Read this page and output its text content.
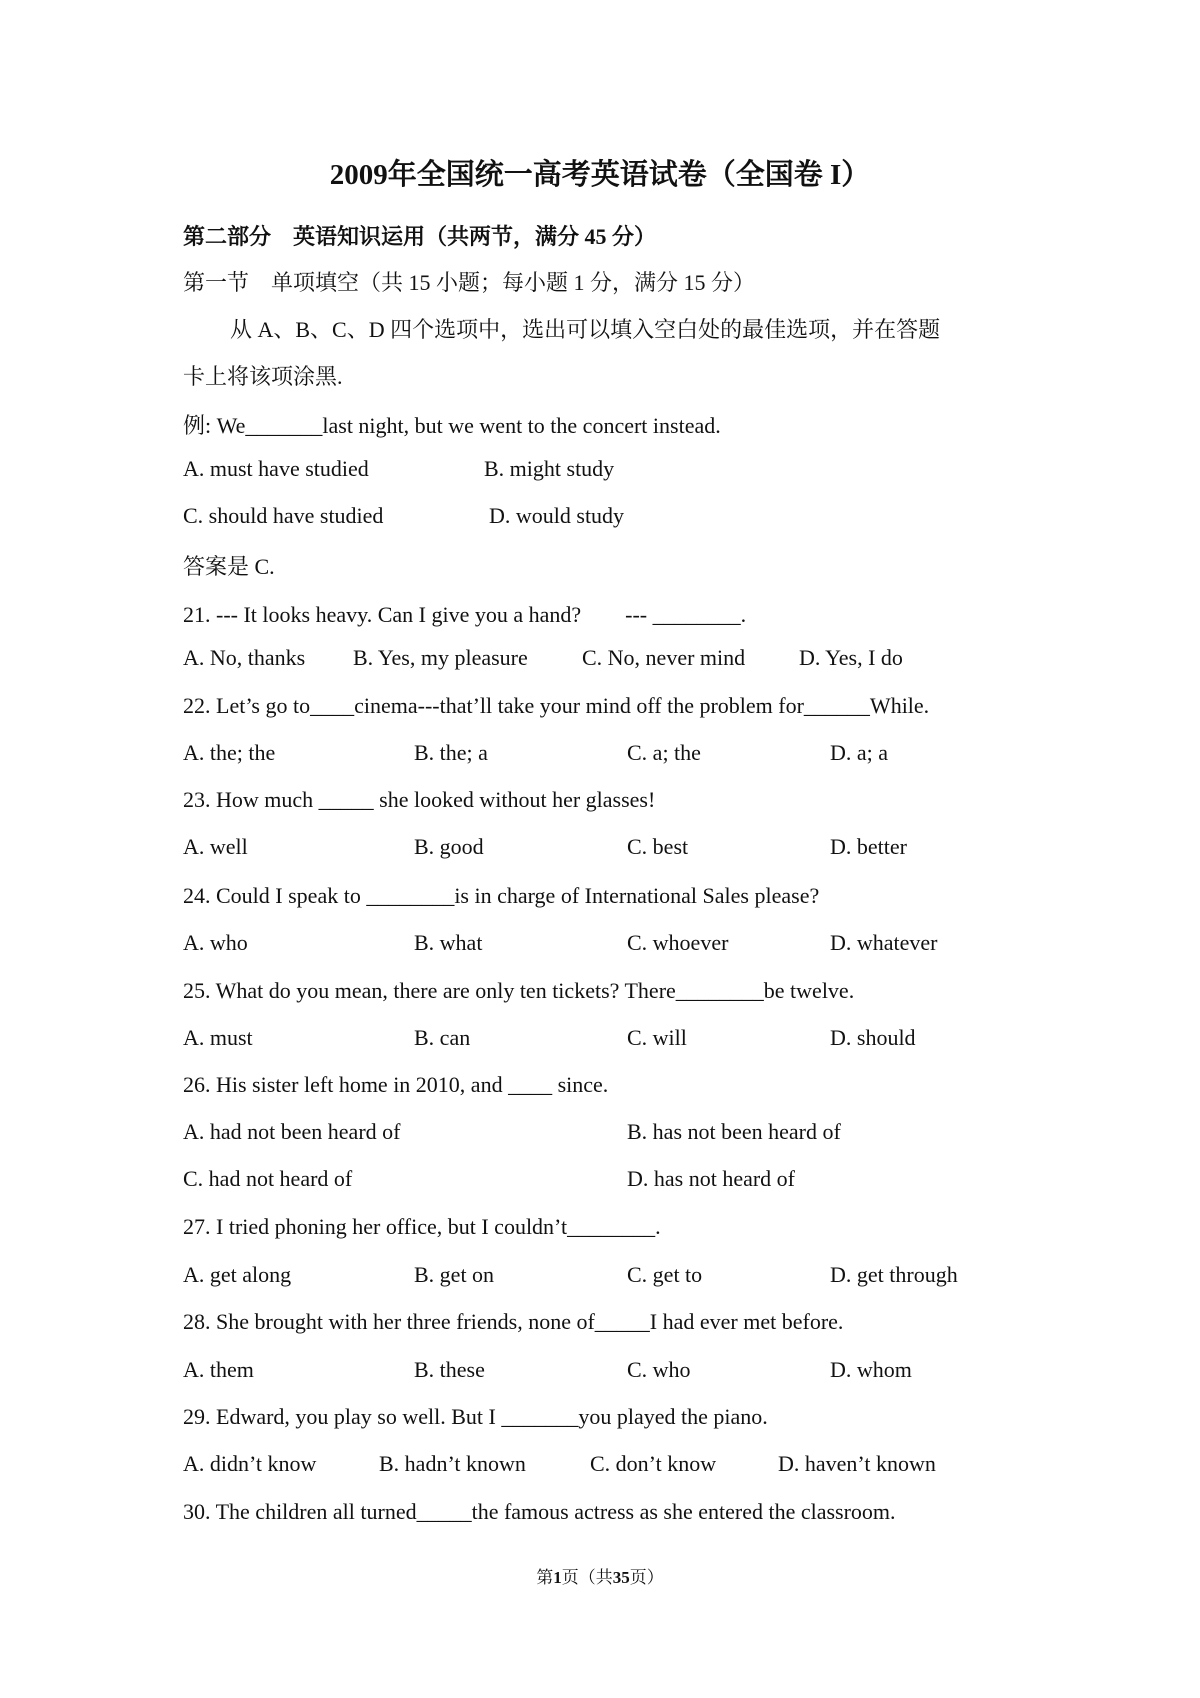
2009年全国统一高考英语试卷（全国卷 I）
第二部分　英语知识运用（共两节，满分 45 分）
第一节　单项填空（共 15 小题；每小题 1 分，满分 15 分）
从 A、B、C、D 四个选项中，选出可以填入空白处的最佳选项，并在答题
卡上将该项涂黑.
例: We_______last night, but we went to the concert instead.
A. must have studied	B. might study
C. should have studied	D. would study
答案是 C.
21. --- It looks heavy. Can I give you a hand?　　--- ________.
A. No, thanks B. Yes, my pleasure C. No, never mind D. Yes, I do
22. Let’s go to____cinema---that’ll take your mind off the problem for______While.
A. the; the	B. the; a	C. a; the	D. a; a
23. How much _____ she looked without her glasses!
A. well	B. good	C. best	D. better
24. Could I speak to ________is in charge of International Sales please?
A. who	B. what	C. whoever	D. whatever
25. What do you mean, there are only ten tickets? There________be twelve.
A. must	B. can	C. will	D. should
26. His sister left home in 2010, and ____ since.
A. had not been heard of	B. has not been heard of
C. had not heard of	D. has not heard of
27. I tried phoning her office, but I couldn’t________.
A. get along	B. get on	C. get to	D. get through
28. She brought with her three friends, none of_____I had ever met before.
A. them	B. these	C. who	D. whom
29. Edward, you play so well. But I _______you played the piano.
A. didn’t know	B. hadn’t known	C. don’t know	D. haven’t known
30. The children all turned_____the famous actress as she entered the classroom.
第1页（共35页）
